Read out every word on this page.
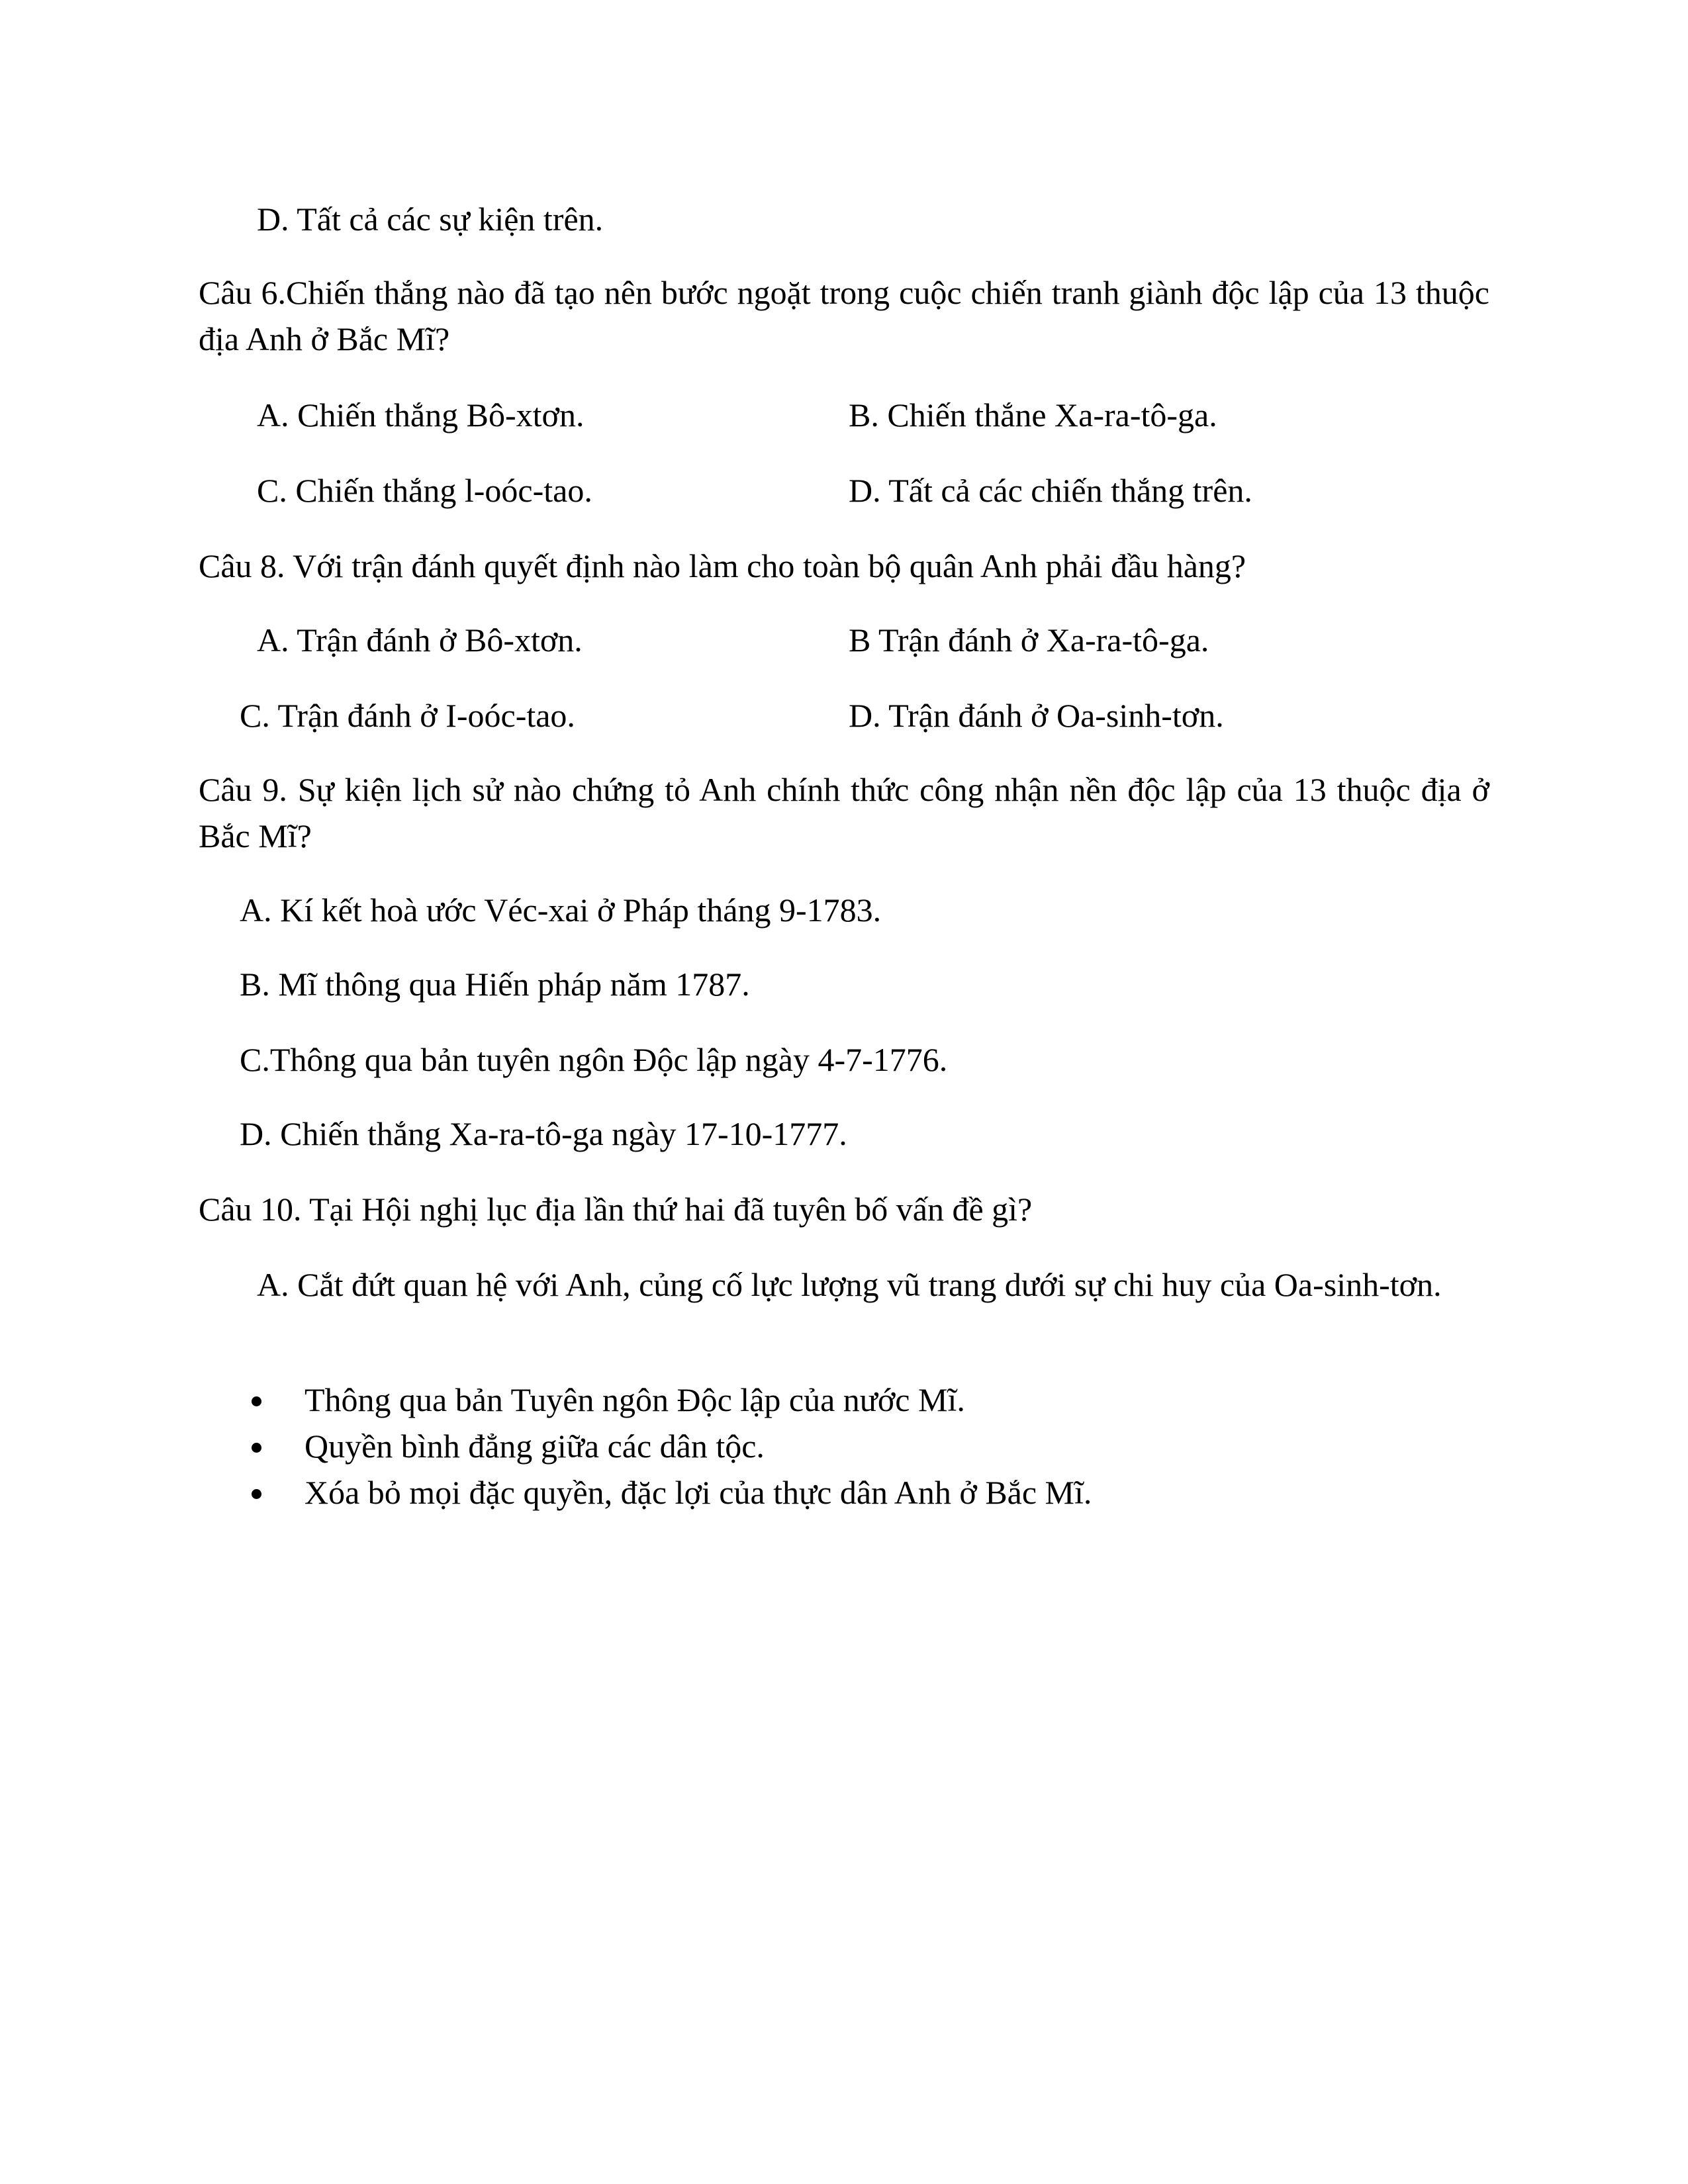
D. Tất cả các sự kiện trên.
Câu 6.Chiến thắng nào đã tạo nên bước ngoặt trong cuộc chiến tranh giành độc lập của 13 thuộc địa Anh ở Bắc Mĩ?
A. Chiến thắng Bô-xtơn.	B. Chiến thắne Xa-ra-tô-ga.
C. Chiến thắng l-oóc-tao.	D. Tất cả các chiến thắng trên.
Câu 8. Với trận đánh quyết định nào làm cho toàn bộ quân Anh phải đầu hàng?
A. Trận đánh ở Bô-xtơn.	B Trận đánh ở Xa-ra-tô-ga.
C. Trận đánh ở I-oóc-tao.	D. Trận đánh ở Oa-sinh-tơn.
Câu 9. Sự kiện lịch sử nào chứng tỏ Anh chính thức công nhận nền độc lập của 13 thuộc địa ở Bắc Mĩ?
A. Kí kết hoà ước Véc-xai ở Pháp tháng 9-1783.
B. Mĩ thông qua Hiến pháp năm 1787.
C.Thông qua bản tuyên ngôn Độc lập ngày 4-7-1776.
D. Chiến thắng Xa-ra-tô-ga ngày 17-10-1777.
Câu 10. Tại Hội nghị lục địa lần thứ hai đã tuyên bố vấn đề gì?
A. Cắt đứt quan hệ với Anh, củng cố lực lượng vũ trang dưới sự chi huy của Oa-sinh-tơn.
Thông qua bản Tuyên ngôn Độc lập của nước Mĩ.
Quyền bình đẳng giữa các dân tộc.
Xóa bỏ mọi đặc quyền, đặc lợi của thực dân Anh ở Bắc Mĩ.
